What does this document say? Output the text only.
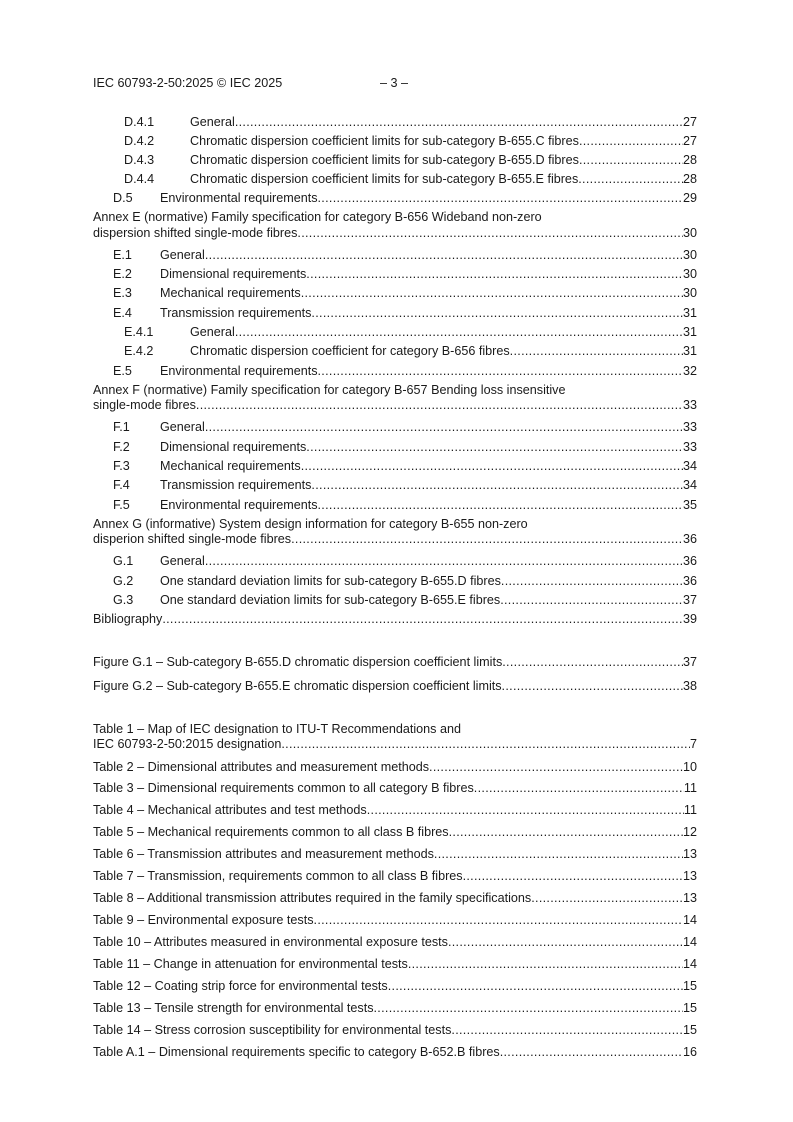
IEC 60793-2-50:2025 © IEC 2025	– 3 –
D.4.1	General .....	27
D.4.2	Chromatic dispersion coefficient limits for sub-category B-655.C fibres .....	27
D.4.3	Chromatic dispersion coefficient limits for sub-category B-655.D fibres .....	28
D.4.4	Chromatic dispersion coefficient limits for sub-category B-655.E fibres .....	28
D.5	Environmental requirements .....	29
Annex E (normative) Family specification for category B-656 Wideband non-zero
dispersion shifted single-mode fibres .....	30
E.1	General .....	30
E.2	Dimensional requirements .....	30
E.3	Mechanical requirements .....	30
E.4	Transmission requirements .....	31
E.4.1	General .....	31
E.4.2	Chromatic dispersion coefficient for category B-656 fibres .....	31
E.5	Environmental requirements .....	32
Annex F (normative) Family specification for category B-657 Bending loss insensitive
single-mode fibres .....	33
F.1	General .....	33
F.2	Dimensional requirements .....	33
F.3	Mechanical requirements .....	34
F.4	Transmission requirements .....	34
F.5	Environmental requirements .....	35
Annex G (informative) System design information for category B-655 non-zero
disperion shifted single-mode fibres .....	36
G.1	General .....	36
G.2	One standard deviation limits for sub-category B-655.D fibres .....	36
G.3	One standard deviation limits for sub-category B-655.E fibres .....	37
Bibliography .....	39
Figure G.1 – Sub-category B-655.D chromatic dispersion coefficient limits .....	37
Figure G.2 – Sub-category B-655.E chromatic dispersion coefficient limits .....	38
Table 1 – Map of IEC designation to ITU-T Recommendations and
IEC 60793-2-50:2015 designation .....	7
Table 2 – Dimensional attributes and measurement methods .....	10
Table 3 – Dimensional requirements common to all category B fibres .....	11
Table 4 – Mechanical attributes and test methods .....	11
Table 5 – Mechanical requirements common to all class B fibres .....	12
Table 6 – Transmission attributes and measurement methods .....	13
Table 7 – Transmission, requirements common to all class B fibres .....	13
Table 8 – Additional transmission attributes required in the family specifications .....	13
Table 9 – Environmental exposure tests .....	14
Table 10 – Attributes measured in environmental exposure tests .....	14
Table 11 – Change in attenuation for environmental tests .....	14
Table 12 – Coating strip force for environmental tests .....	15
Table 13 – Tensile strength for environmental tests .....	15
Table 14 – Stress corrosion susceptibility for environmental tests .....	15
Table A.1 – Dimensional requirements specific to category B-652.B fibres .....	16
